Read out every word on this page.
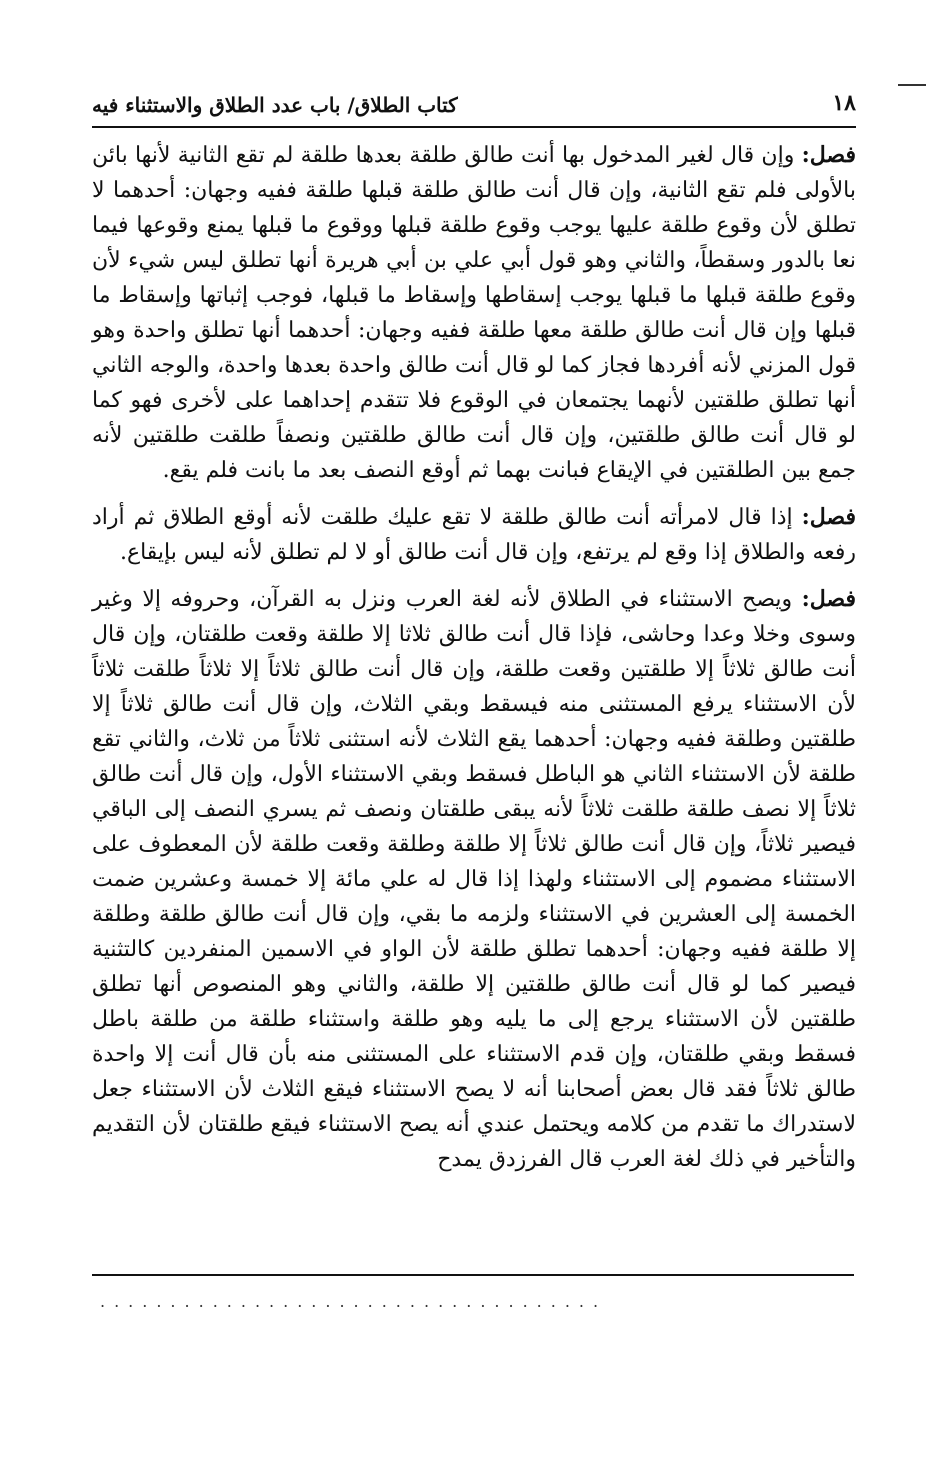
١٨
كتاب الطلاق/ باب عدد الطلاق والاستثناء فيه

فصل: وإن قال لغير المدخول بها أنت طالق طلقة بعدها طلقة لم تقع الثانية لأنها بائن بالأولى فلم تقع الثانية، وإن قال أنت طالق طلقة قبلها طلقة ففيه وجهان: أحدهما لا تطلق لأن وقوع طلقة عليها يوجب وقوع طلقة قبلها ووقوع ما قبلها يمنع وقوعها فيما نعا بالدور وسقطاً، والثاني وهو قول أبي علي بن أبي هريرة أنها تطلق ليس شيء لأن وقوع طلقة قبلها ما قبلها يوجب إسقاطها وإسقاط ما قبلها، فوجب إثباتها وإسقاط ما قبلها وإن قال أنت طالق طلقة معها طلقة ففيه وجهان: أحدهما أنها تطلق واحدة وهو قول المزني لأنه أفردها فجاز كما لو قال أنت طالق واحدة بعدها واحدة، والوجه الثاني أنها تطلق طلقتين لأنهما يجتمعان في الوقوع فلا تتقدم إحداهما على لأخرى فهو كما لو قال أنت طالق طلقتين، وإن قال أنت طالق طلقتين ونصفاً طلقت طلقتين لأنه جمع بين الطلقتين في الإيقاع فبانت بهما ثم أوقع النصف بعد ما بانت فلم يقع.

فصل: إذا قال لامرأته أنت طالق طلقة لا تقع عليك طلقت لأنه أوقع الطلاق ثم أراد رفعه والطلاق إذا وقع لم يرتفع، وإن قال أنت طالق أو لا لم تطلق لأنه ليس بإيقاع.

فصل: ويصح الاستثناء في الطلاق لأنه لغة العرب ونزل به القرآن، وحروفه إلا وغير وسوى وخلا وعدا وحاشى، فإذا قال أنت طالق ثلاثا إلا طلقة وقعت طلقتان، وإن قال أنت طالق ثلاثاً إلا طلقتين وقعت طلقة، وإن قال أنت طالق ثلاثاً إلا ثلاثاً طلقت ثلاثاً لأن الاستثناء يرفع المستثنى منه فيسقط وبقي الثلاث، وإن قال أنت طالق ثلاثاً إلا طلقتين وطلقة ففيه وجهان: أحدهما يقع الثلاث لأنه استثنى ثلاثاً من ثلاث، والثاني تقع طلقة لأن الاستثناء الثاني هو الباطل فسقط وبقي الاستثناء الأول، وإن قال أنت طالق ثلاثاً إلا نصف طلقة طلقت ثلاثاً لأنه يبقى طلقتان ونصف ثم يسري النصف إلى الباقي فيصير ثلاثاً، وإن قال أنت طالق ثلاثاً إلا طلقة وطلقة وقعت طلقة لأن المعطوف على الاستثناء مضموم إلى الاستثناء ولهذا إذا قال له علي مائة إلا خمسة وعشرين ضمت الخمسة إلى العشرين في الاستثناء ولزمه ما بقي، وإن قال أنت طالق طلقة وطلقة إلا طلقة ففيه وجهان: أحدهما تطلق طلقة لأن الواو في الاسمين المنفردين كالتثنية فيصير كما لو قال أنت طالق طلقتين إلا طلقة، والثاني وهو المنصوص أنها تطلق طلقتين لأن الاستثناء يرجع إلى ما يليه وهو طلقة واستثناء طلقة من طلقة باطل فسقط وبقي طلقتان، وإن قدم الاستثناء على المستثنى منه بأن قال أنت إلا واحدة طالق ثلاثاً فقد قال بعض أصحابنا أنه لا يصح الاستثناء فيقع الثلاث لأن الاستثناء جعل لاستدراك ما تقدم من كلامه ويحتمل عندي أنه يصح الاستثناء فيقع طلقتان لأن التقديم والتأخير في ذلك لغة العرب قال الفرزدق يمدح

....................................
